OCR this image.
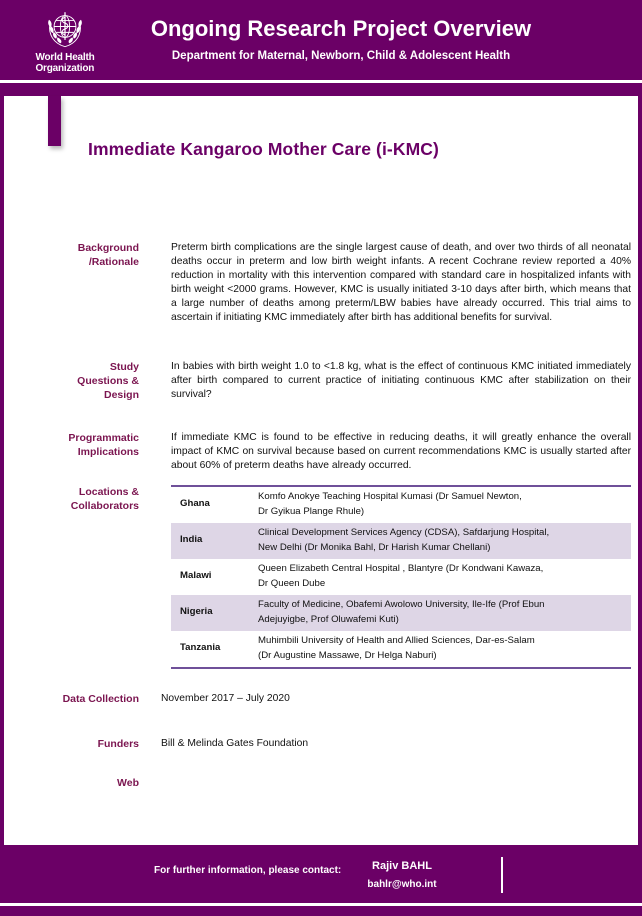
World Health
Organization
Ongoing Research Project Overview
Department for Maternal, Newborn, Child & Adolescent Health
Immediate Kangaroo Mother Care (i-KMC)
Background
/Rationale
Preterm birth complications are the single largest cause of death, and over two thirds of all neonatal deaths occur in preterm and low birth weight infants. A recent Cochrane review reported a 40% reduction in mortality with this intervention compared with standard care in hospitalized infants with birth weight <2000 grams. However, KMC is usually initiated 3-10 days after birth, which means that a large number of deaths among preterm/LBW babies have already occurred. This trial aims to ascertain if initiating KMC immediately after birth has additional benefits for survival.
Study
Questions &
Design
In babies with birth weight 1.0 to <1.8 kg, what is the effect of continuous KMC initiated immediately after birth compared to current practice of initiating continuous KMC after stabilization on their survival?
Programmatic
Implications
If immediate KMC is found to be effective in reducing deaths, it will greatly enhance the overall impact of KMC on survival because based on current recommendations KMC is usually started after about 60% of preterm deaths have already occurred.
Locations &
Collaborators	Ghana	Komfo Anokye Teaching Hospital Kumasi (Dr Samuel Newton,
Dr Gyikua Plange Rhule)

India	Clinical Development Services Agency (CDSA), Safdarjung Hospital,
New Delhi (Dr Monika Bahl, Dr Harish Kumar Chellani)

Malawi	Queen Elizabeth Central Hospital , Blantyre (Dr Kondwani Kawaza,
Dr Queen Dube

Nigeria	Faculty of Medicine, Obafemi Awolowo University, Ile-Ife (Prof Ebun
Adejuyigbe, Prof Oluwafemi Kuti)

Tanzania	Muhimbili University of Health and Allied Sciences, Dar-es-Salam
(Dr Augustine Massawe, Dr Helga Naburi)
Data Collection November 2017 – July 2020
Funders Bill & Melinda Gates Foundation
Web
For further information, please contact:	Rajiv BAHL
bahlr@who.int
